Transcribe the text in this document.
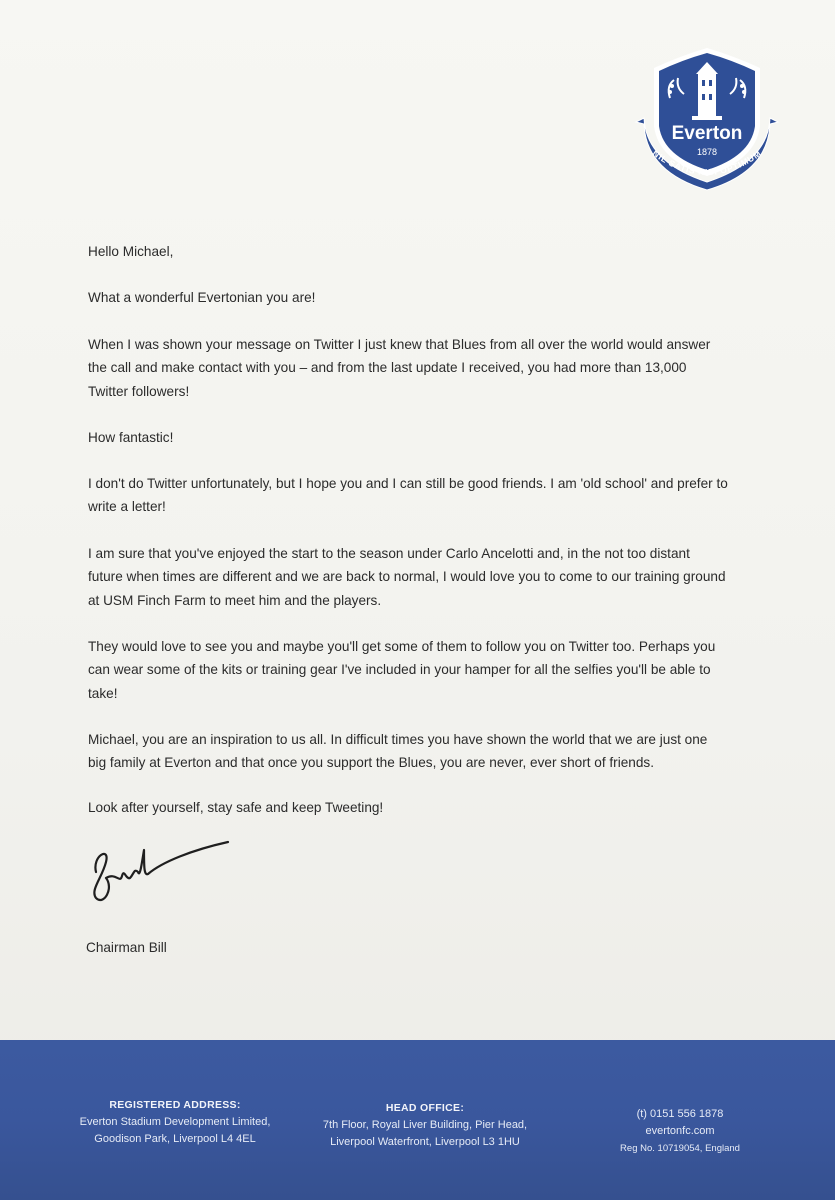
Everton
1878
NIL SATIS NISI OPTIMUM

Hello Michael,

What a wonderful Evertonian you are!

When I was shown your message on Twitter I just knew that Blues from all over the world would answer the call and make contact with you – and from the last update I received, you had more than 13,000 Twitter followers!

How fantastic!

I don't do Twitter unfortunately, but I hope you and I can still be good friends. I am 'old school' and prefer to write a letter!

I am sure that you've enjoyed the start to the season under Carlo Ancelotti and, in the not too distant future when times are different and we are back to normal, I would love you to come to our training ground at USM Finch Farm to meet him and the players.

They would love to see you and maybe you'll get some of them to follow you on Twitter too. Perhaps you can wear some of the kits or training gear I've included in your hamper for all the selfies you'll be able to take!

Michael, you are an inspiration to us all. In difficult times you have shown the world that we are just one big family at Everton and that once you support the Blues, you are never, ever short of friends.

Look after yourself, stay safe and keep Tweeting!

Chairman Bill

REGISTERED ADDRESS:
Everton Stadium Development Limited,
Goodison Park, Liverpool L4 4EL
HEAD OFFICE:
7th Floor, Royal Liver Building, Pier Head,
Liverpool Waterfront, Liverpool L3 1HU
(t) 0151 556 1878
evertonfc.com
Reg No. 10719054, England
